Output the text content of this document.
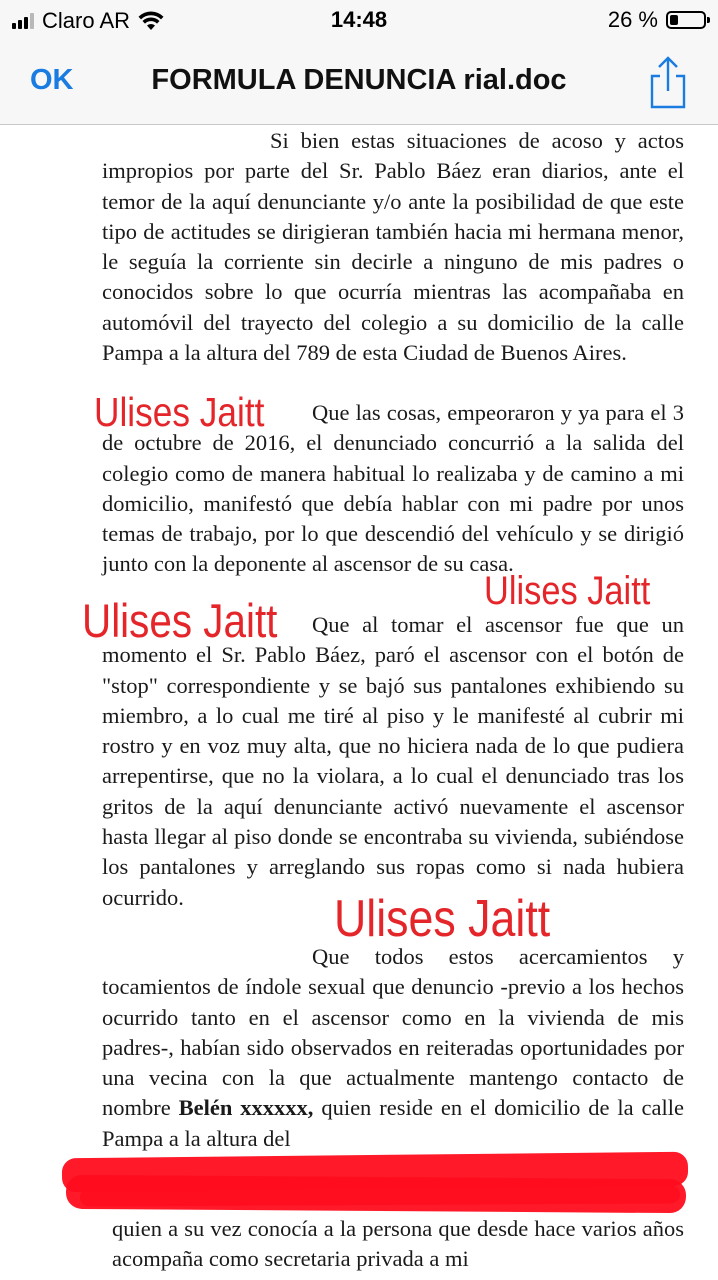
Claro AR	14:48	26 %
OK	FORMULA DENUNCIA rial.doc

Si bien estas situaciones de acoso y actos impropios por parte del Sr. Pablo Báez eran diarios, ante el temor de la aquí denunciante y/o ante la posibilidad de que este tipo de actitudes se dirigieran también hacia mi hermana menor, le seguía la corriente sin decirle a ninguno de mis padres o conocidos sobre lo que ocurría mientras las acompañaba en automóvil del trayecto del colegio a su domicilio de la calle Pampa a la altura del 789 de esta Ciudad de Buenos Aires.

Que las cosas, empeoraron y ya para el 3 de octubre de 2016, el denunciado concurrió a la salida del colegio como de manera habitual lo realizaba y de camino a mi domicilio, manifestó que debía hablar con mi padre por unos temas de trabajo, por lo que descendió del vehículo y se dirigió junto con la deponente al ascensor de su casa.

Que al tomar el ascensor fue que un momento el Sr. Pablo Báez, paró el ascensor con el botón de "stop" correspondiente y se bajó sus pantalones exhibiendo su miembro, a lo cual me tiré al piso y le manifesté al cubrir mi rostro y en voz muy alta, que no hiciera nada de lo que pudiera arrepentirse, que no la violara, a lo cual el denunciado tras los gritos de la aquí denunciante activó nuevamente el ascensor hasta llegar al piso donde se encontraba su vivienda, subiéndose los pantalones y arreglando sus ropas como si nada hubiera ocurrido.

Que todos estos acercamientos y tocamientos de índole sexual que denuncio -previo a los hechos ocurrido tanto en el ascensor como en la vivienda de mis padres-, habían sido observados en reiteradas oportunidades por una vecina con la que actualmente mantengo contacto de nombre Belén xxxxxx, quien reside en el domicilio de la calle Pampa a la altura del

quien a su vez conocía a la persona que desde hace varios años acompaña como secretaria privada a mi

Ulises Jaitt
Ulises Jaitt
Ulises Jaitt
Ulises Jaitt
